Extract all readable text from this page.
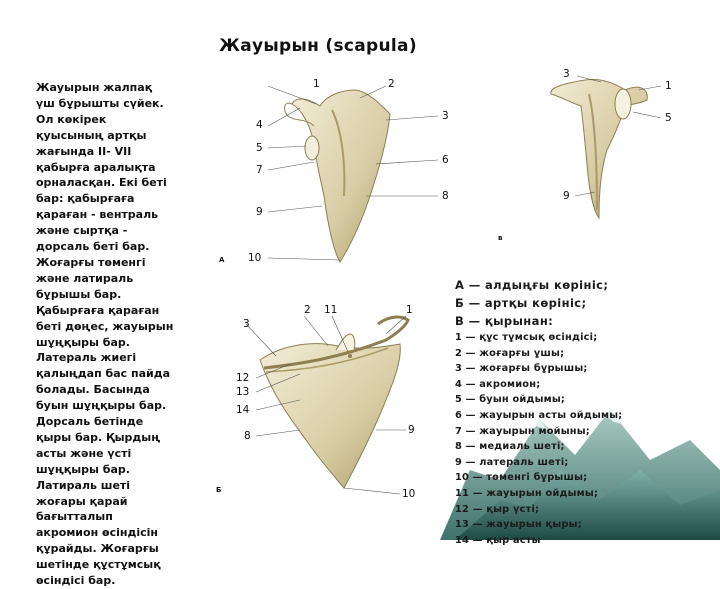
Жауырын (scapula)
Жауырын жалпақ
үш бұрышты сүйек.
Ол көкірек
қуысының артқы
жағында II- VII
қабырға аралықта
орналасқан. Екі беті
бар: қабырғаға
қараған - вентраль
және сыртқа -
дорсаль беті бар.
Жоғарғы төменгі
және латираль
бұрышы бар.
Қабырғаға қараған
беті дөңес, жауырын
шұңқыры бар.
Латераль жиегі
қалыңдап бас пайда
болады. Басында
буын шұңқыры бар.
Дорсаль бетінде
қыры бар. Қырдың
асты және үсті
шұңқыры бар.
Латираль шеті
жоғары қарай
бағытталып
акромион өсіндісін
құрайды. Жоғарғы
шетінде құстұмсық
өсіндісі бар.
1	2
3
4
5
6
7
8
9
10
А
3
1
5
9
в
3
2 11	1
12
13
14
8	9
10
Б
А — алдыңғы көрініс;
Б — артқы көрініс;
В — қырынан:
1 — құс тұмсық өсіндісі;
2 — жоғарғы ұшы;
3 — жоғарғы бұрышы;
4 — акромион;
5 — буын ойдымы;
6 — жауырын асты ойдымы;
7 — жауырын мойыны;
8 — медиаль шеті;
9 — латераль шеті;
10 — төменгі бұрышы;
11 — жауырын ойдымы;
12 — қыр үсті;
13 — жауырын қыры;
14 — қыр асты
